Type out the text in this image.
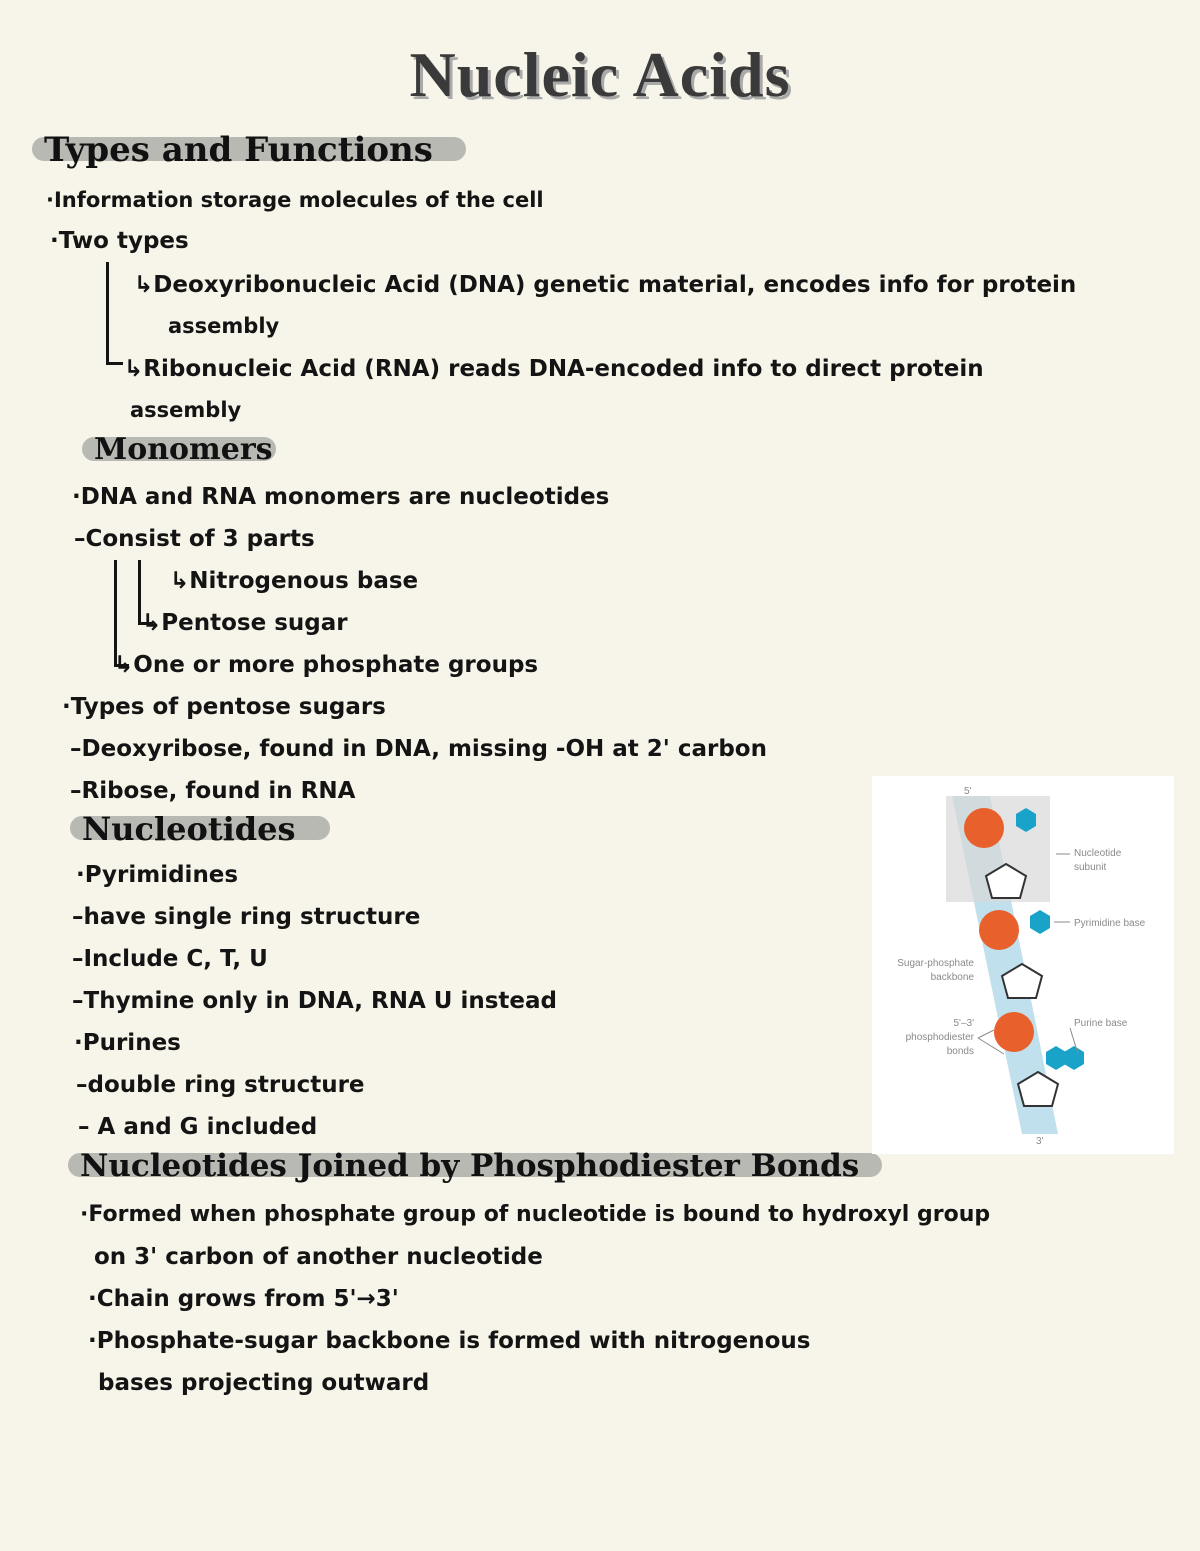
Nucleic Acids
Types and Functions
·Information storage molecules of the cell
·Two types
↳Deoxyribonucleic Acid (DNA) genetic material, encodes info for protein
assembly
↳Ribonucleic Acid (RNA) reads DNA-encoded info to direct protein
assembly
Monomers
·DNA and RNA monomers are nucleotides
–Consist of 3 parts
↳Nitrogenous base
↳Pentose sugar
↳One or more phosphate groups
·Types of pentose sugars
–Deoxyribose, found in DNA, missing -OH at 2' carbon
–Ribose, found in RNA
Nucleotides
·Pyrimidines
–have single ring structure
–Include C, T, U
–Thymine only in DNA, RNA U instead
·Purines
–double ring structure
– A and G included
Nucleotides Joined by Phosphodiester Bonds
·Formed when phosphate group of nucleotide is bound to hydroxyl group
on 3' carbon of another nucleotide
·Chain grows from 5'→3'
·Phosphate-sugar backbone is formed with nitrogenous
bases projecting outward
5'
3'
Nucleotide
subunit
Pyrimidine base
Sugar-phosphate
backbone
Purine base
5'–3'
phosphodiester
bonds
